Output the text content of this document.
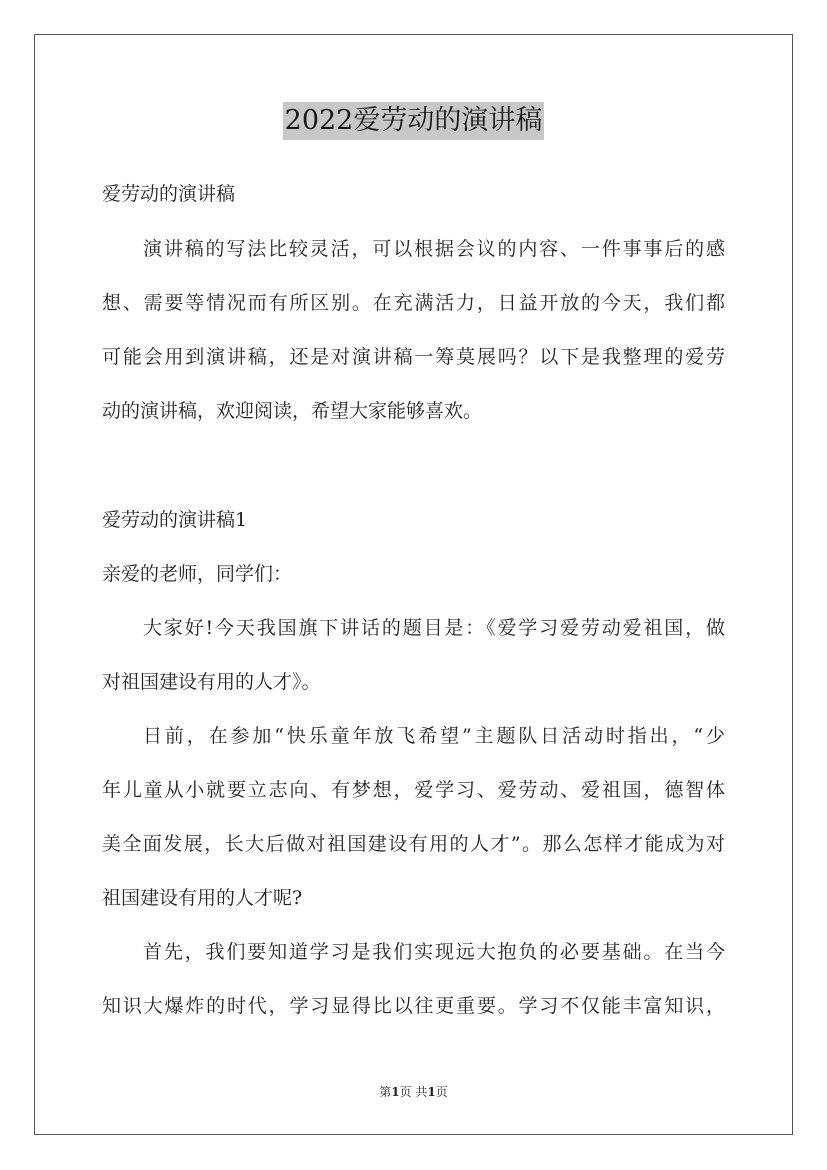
2022爱劳动的演讲稿
爱劳动的演讲稿
演讲稿的写法比较灵活，可以根据会议的内容、一件事事后的感
想、需要等情况而有所区别。在充满活力，日益开放的今天，我们都
可能会用到演讲稿，还是对演讲稿一筹莫展吗？以下是我整理的爱劳
动的演讲稿，欢迎阅读，希望大家能够喜欢。
爱劳动的演讲稿1
亲爱的老师，同学们：
大家好!今天我国旗下讲话的题目是：《爱学习爱劳动爱祖国，做
对祖国建设有用的人才》。
日前，在参加“快乐童年放飞希望”主题队日活动时指出，“少
年儿童从小就要立志向、有梦想，爱学习、爱劳动、爱祖国，德智体
美全面发展，长大后做对祖国建设有用的人才”。那么怎样才能成为对
祖国建设有用的人才呢?
首先，我们要知道学习是我们实现远大抱负的必要基础。在当今
知识大爆炸的时代，学习显得比以往更重要。学习不仅能丰富知识，
第1页 共1页
